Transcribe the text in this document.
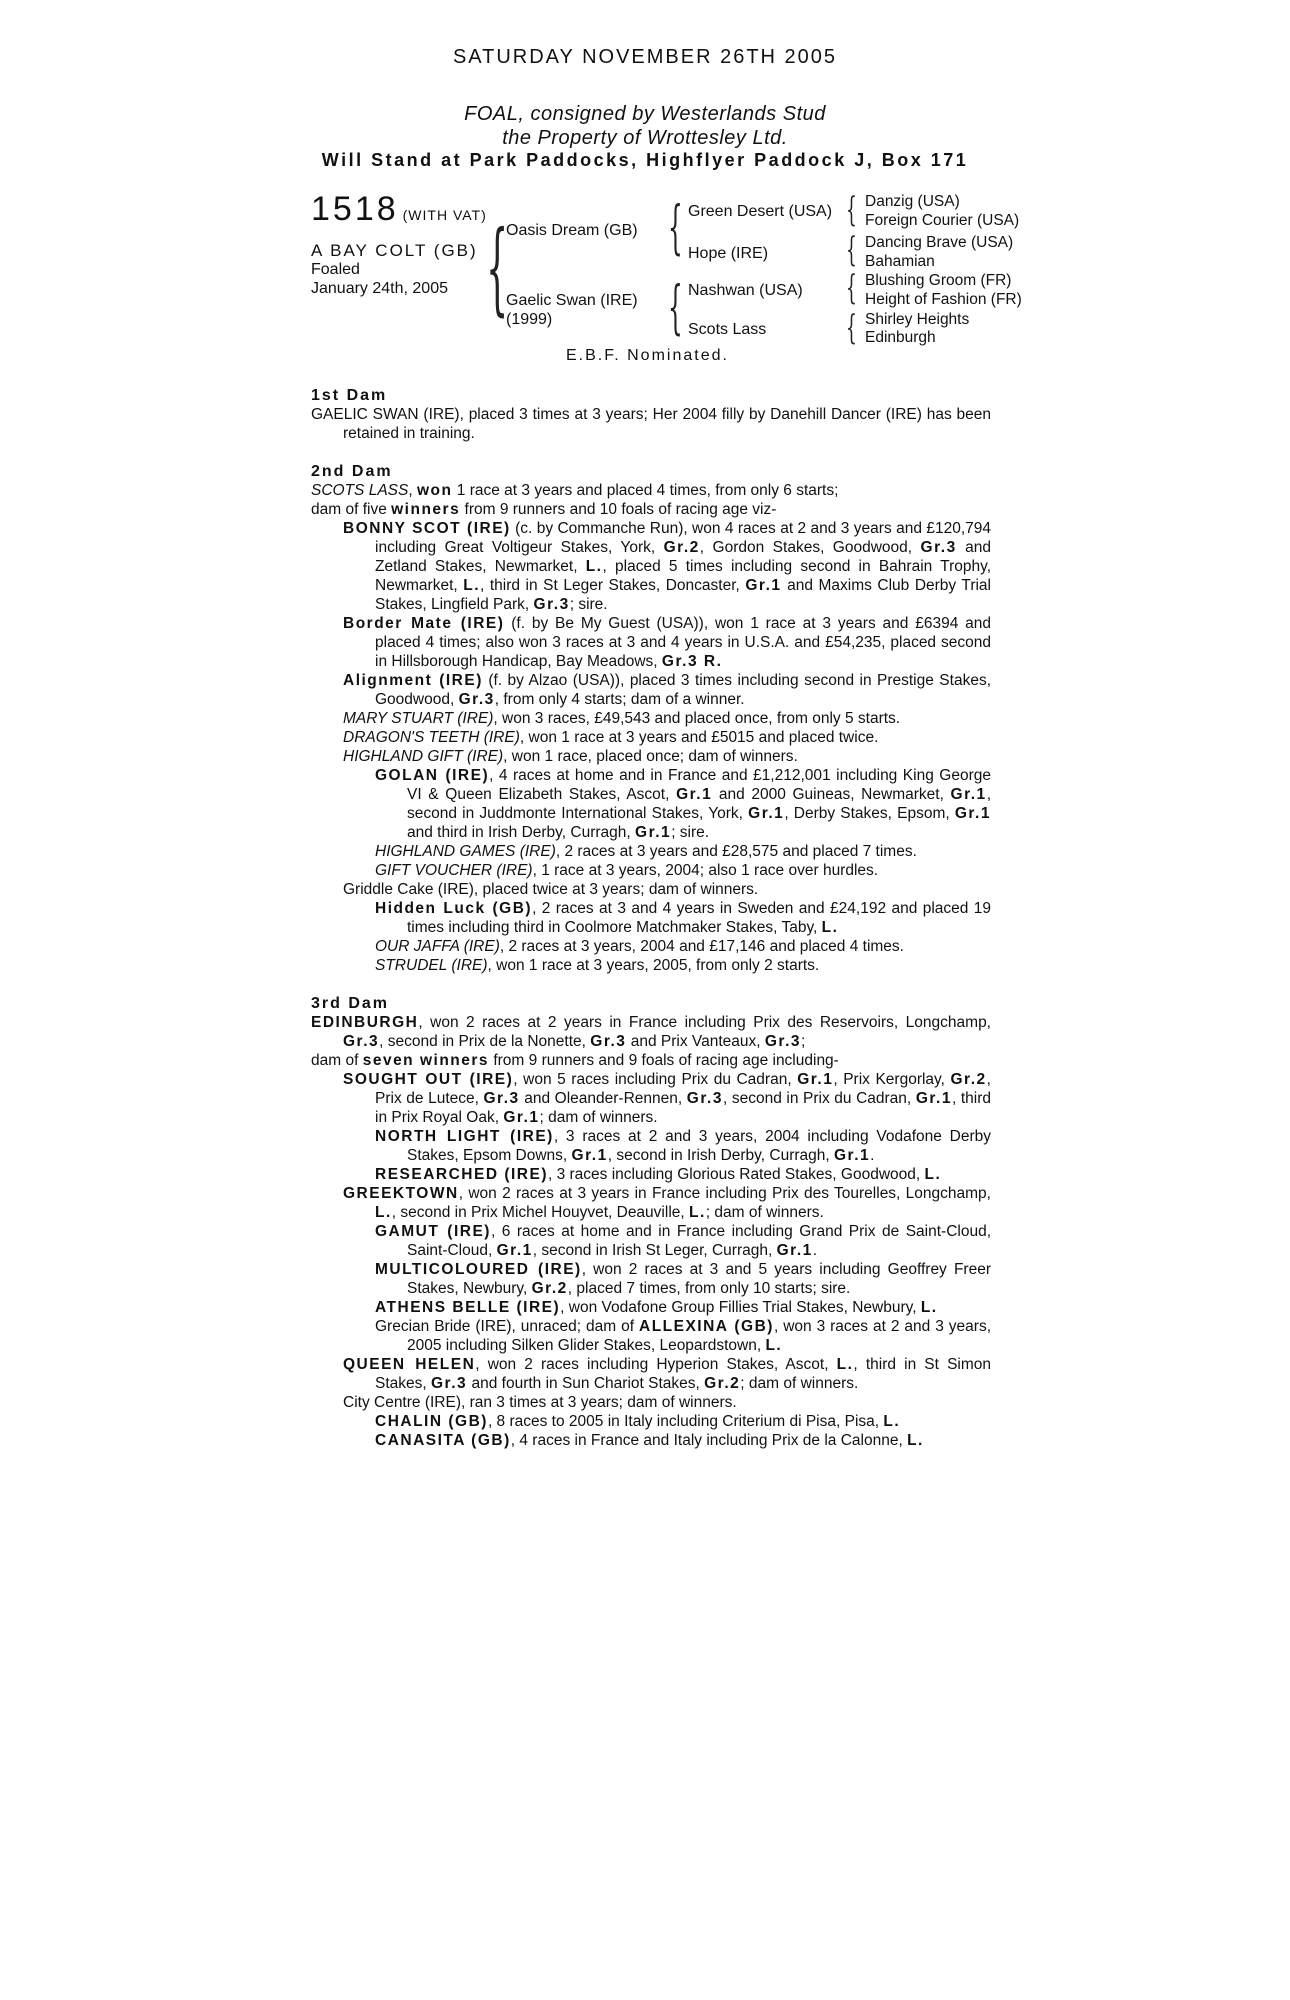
SATURDAY NOVEMBER 26TH 2005
FOAL, consigned by Westerlands Stud
the Property of Wrottesley Ltd.
Will Stand at Park Paddocks, Highflyer Paddock J, Box 171
1518 (WITH VAT)
A BAY COLT (GB)
Foaled
January 24th, 2005 {
Oasis Dream (GB)
Gaelic Swan (IRE)
(1999)
{ Green Desert (USA)
Hope (IRE)
{ Nashwan (USA)
Scots Lass
{
{
{
{
Danzig (USA)
Foreign Courier (USA)
Dancing Brave (USA)
Bahamian
Blushing Groom (FR)
Height of Fashion (FR)
Shirley Heights
Edinburgh
E.B.F. Nominated.
1st Dam

GAELIC SWAN (IRE), placed 3 times at 3 years; Her 2004 filly by Danehill Dancer (IRE) has been retained in training.

2nd Dam

SCOTS LASS, won 1 race at 3 years and placed 4 times, from only 6 starts;

dam of five winners from 9 runners and 10 foals of racing age viz-

BONNY SCOT (IRE) (c. by Commanche Run), won 4 races at 2 and 3 years and £120,794 including Great Voltigeur Stakes, York, Gr.2, Gordon Stakes, Goodwood, Gr.3 and Zetland Stakes, Newmarket, L., placed 5 times including second in Bahrain Trophy, Newmarket, L., third in St Leger Stakes, Doncaster, Gr.1 and Maxims Club Derby Trial Stakes, Lingfield Park, Gr.3; sire.

Border Mate (IRE) (f. by Be My Guest (USA)), won 1 race at 3 years and £6394 and placed 4 times; also won 3 races at 3 and 4 years in U.S.A. and £54,235, placed second in Hillsborough Handicap, Bay Meadows, Gr.3 R.

Alignment (IRE) (f. by Alzao (USA)), placed 3 times including second in Prestige Stakes, Goodwood, Gr.3, from only 4 starts; dam of a winner.

MARY STUART (IRE), won 3 races, £49,543 and placed once, from only 5 starts.

DRAGON'S TEETH (IRE), won 1 race at 3 years and £5015 and placed twice.

HIGHLAND GIFT (IRE), won 1 race, placed once; dam of winners.

GOLAN (IRE), 4 races at home and in France and £1,212,001 including King George VI & Queen Elizabeth Stakes, Ascot, Gr.1 and 2000 Guineas, Newmarket, Gr.1, second in Juddmonte International Stakes, York, Gr.1, Derby Stakes, Epsom, Gr.1 and third in Irish Derby, Curragh, Gr.1; sire.

HIGHLAND GAMES (IRE), 2 races at 3 years and £28,575 and placed 7 times.

GIFT VOUCHER (IRE), 1 race at 3 years, 2004; also 1 race over hurdles.

Griddle Cake (IRE), placed twice at 3 years; dam of winners.

Hidden Luck (GB), 2 races at 3 and 4 years in Sweden and £24,192 and placed 19 times including third in Coolmore Matchmaker Stakes, Taby, L.

OUR JAFFA (IRE), 2 races at 3 years, 2004 and £17,146 and placed 4 times.

STRUDEL (IRE), won 1 race at 3 years, 2005, from only 2 starts.

3rd Dam

EDINBURGH, won 2 races at 2 years in France including Prix des Reservoirs, Longchamp, Gr.3, second in Prix de la Nonette, Gr.3 and Prix Vanteaux, Gr.3;

dam of seven winners from 9 runners and 9 foals of racing age including-

SOUGHT OUT (IRE), won 5 races including Prix du Cadran, Gr.1, Prix Kergorlay, Gr.2, Prix de Lutece, Gr.3 and Oleander-Rennen, Gr.3, second in Prix du Cadran, Gr.1, third in Prix Royal Oak, Gr.1; dam of winners.

NORTH LIGHT (IRE), 3 races at 2 and 3 years, 2004 including Vodafone Derby Stakes, Epsom Downs, Gr.1, second in Irish Derby, Curragh, Gr.1.

RESEARCHED (IRE), 3 races including Glorious Rated Stakes, Goodwood, L.

GREEKTOWN, won 2 races at 3 years in France including Prix des Tourelles, Longchamp, L., second in Prix Michel Houyvet, Deauville, L.; dam of winners.

GAMUT (IRE), 6 races at home and in France including Grand Prix de Saint-Cloud, Saint-Cloud, Gr.1, second in Irish St Leger, Curragh, Gr.1.

MULTICOLOURED (IRE), won 2 races at 3 and 5 years including Geoffrey Freer Stakes, Newbury, Gr.2, placed 7 times, from only 10 starts; sire.

ATHENS BELLE (IRE), won Vodafone Group Fillies Trial Stakes, Newbury, L.

Grecian Bride (IRE), unraced; dam of ALLEXINA (GB), won 3 races at 2 and 3 years, 2005 including Silken Glider Stakes, Leopardstown, L.

QUEEN HELEN, won 2 races including Hyperion Stakes, Ascot, L., third in St Simon Stakes, Gr.3 and fourth in Sun Chariot Stakes, Gr.2; dam of winners.

City Centre (IRE), ran 3 times at 3 years; dam of winners.

CHALIN (GB), 8 races to 2005 in Italy including Criterium di Pisa, Pisa, L.

CANASITA (GB), 4 races in France and Italy including Prix de la Calonne, L.
